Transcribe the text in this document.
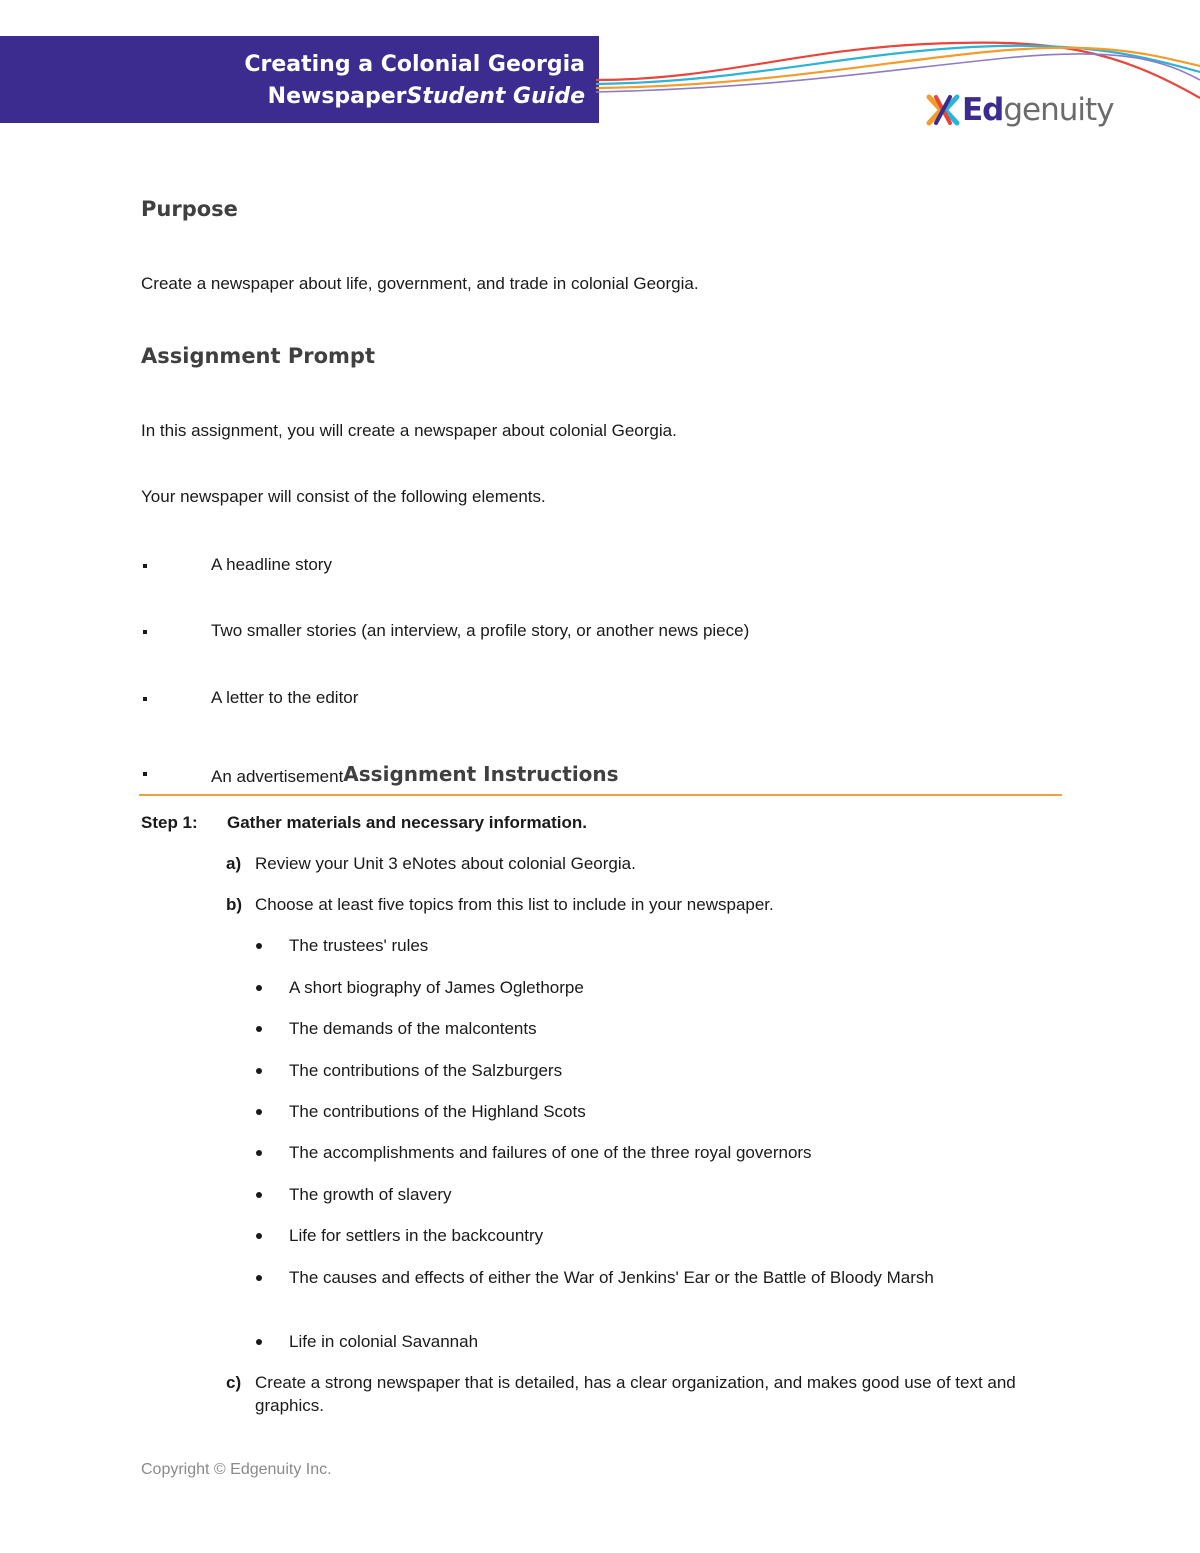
Creating a Colonial Georgia
NewspaperStudent Guide	Edgenuity
Purpose

Create a newspaper about life, government, and trade in colonial Georgia.

Assignment Prompt

In this assignment, you will create a newspaper about colonial Georgia.

Your newspaper will consist of the following elements.

A headline story
Two smaller stories (an interview, a profile story, or another news piece)
A letter to the editor
An advertisementAssignment Instructions
Step 1: Gather materials and necessary information.
a) Review your Unit 3 eNotes about colonial Georgia.
b) Choose at least five topics from this list to include in your newspaper.
The trustees' rules
A short biography of James Oglethorpe
The demands of the malcontents
The contributions of the Salzburgers
The contributions of the Highland Scots
The accomplishments and failures of one of the three royal governors
The growth of slavery
Life for settlers in the backcountry
The causes and effects of either the War of Jenkins' Ear or the Battle of Bloody Marsh
Life in colonial Savannah
c) Create a strong newspaper that is detailed, has a clear organization, and makes good use of text and graphics.
Copyright © Edgenuity Inc.
